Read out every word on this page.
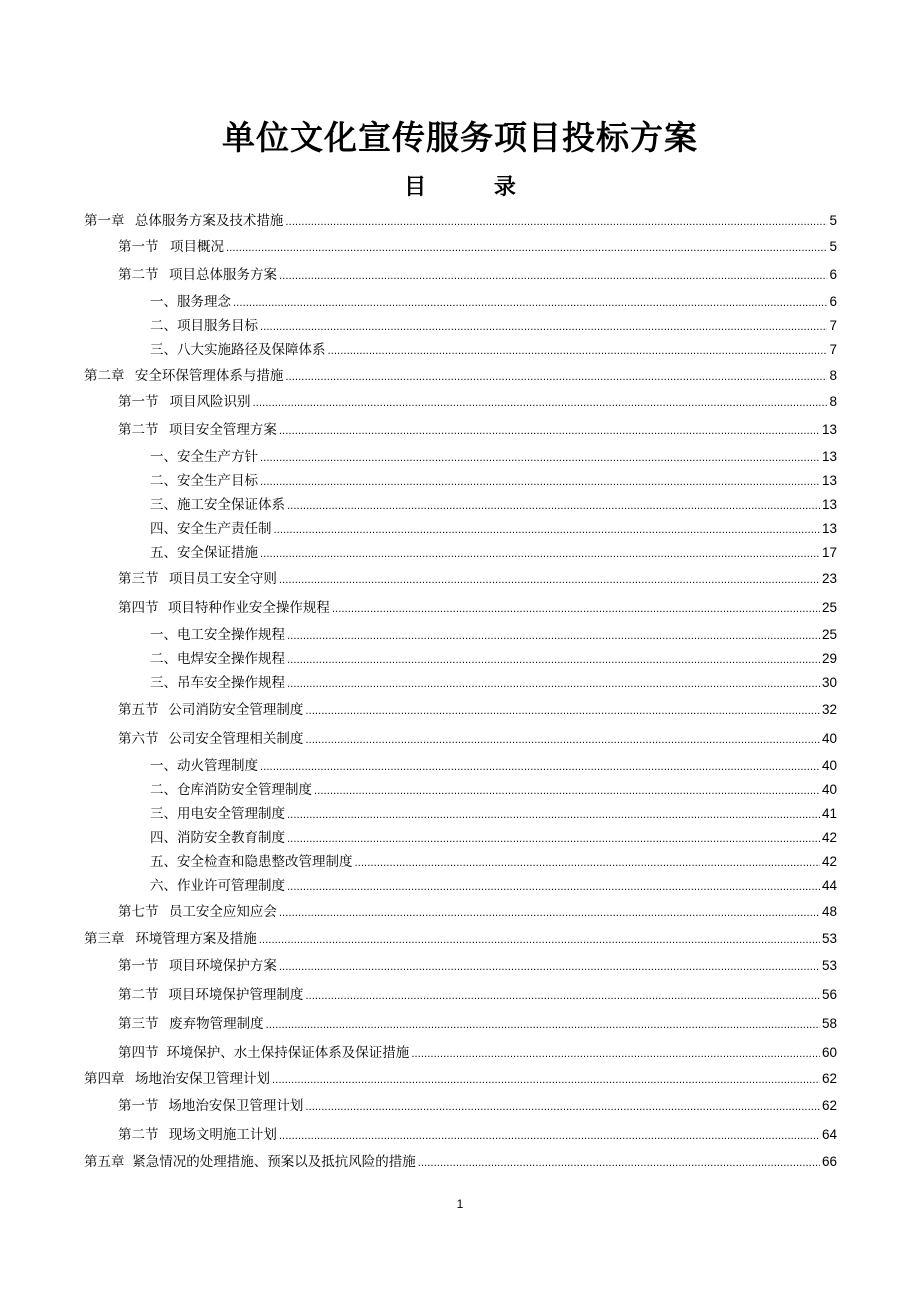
单位文化宣传服务项目投标方案
目 录
第一章 总体服务方案及技术措施 .....	5
第一节 项目概况 .....	5
第二节 项目总体服务方案 .....	6
一、服务理念 .....	6
二、项目服务目标 .....	7
三、八大实施路径及保障体系 .....	7
第二章 安全环保管理体系与措施 .....	8
第一节 项目风险识别 .....	8
第二节 项目安全管理方案 .....	13
一、安全生产方针 .....	13
二、安全生产目标 .....	13
三、施工安全保证体系 .....	13
四、安全生产责任制 .....	13
五、安全保证措施 .....	17
第三节 项目员工安全守则 .....	23
第四节 项目特种作业安全操作规程 .....	25
一、电工安全操作规程 .....	25
二、电焊安全操作规程 .....	29
三、吊车安全操作规程 .....	30
第五节 公司消防安全管理制度 .....	32
第六节 公司安全管理相关制度 .....	40
一、动火管理制度 .....	40
二、仓库消防安全管理制度 .....	40
三、用电安全管理制度 .....	41
四、消防安全教育制度 .....	42
五、安全检查和隐患整改管理制度 .....	42
六、作业许可管理制度 .....	44
第七节 员工安全应知应会 .....	48
第三章 环境管理方案及措施 .....	53
第一节 项目环境保护方案 .....	53
第二节 项目环境保护管理制度 .....	56
第三节 废弃物管理制度 .....	58
第四节 环境保护、水土保持保证体系及保证措施 .....	60
第四章 场地治安保卫管理计划 .....	62
第一节 场地治安保卫管理计划 .....	62
第二节 现场文明施工计划 .....	64
第五章 紧急情况的处理措施、预案以及抵抗风险的措施 .....	66
1
